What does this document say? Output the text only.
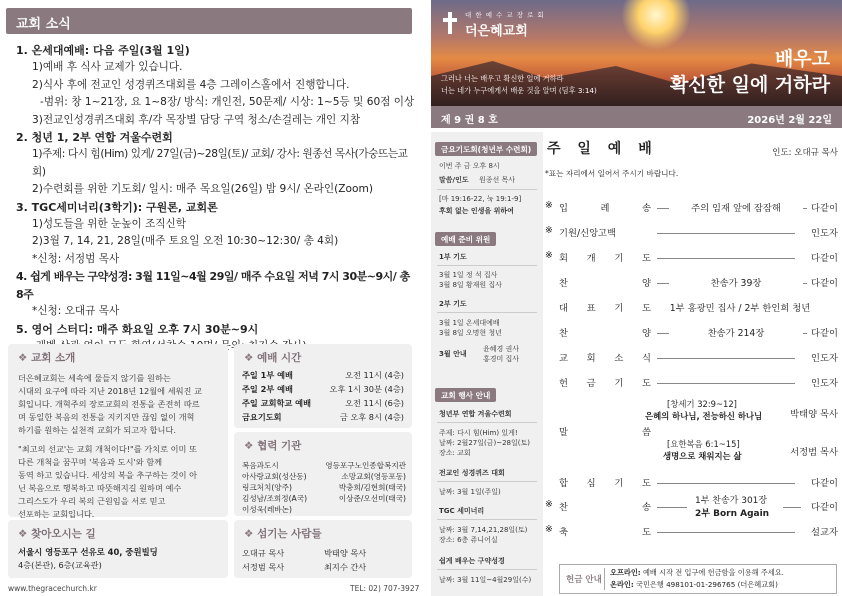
교회 소식
1. 온세대예배: 다음 주일(3월 1일)
1)예배 후 식사 교제가 있습니다.
2)식사 후에 전교인 성경퀴즈대회를 4층 그레이스홀에서 진행합니다.
-범위: 창 1~21장, 요 1~8장/ 방식: 개인전, 50문제/ 시상: 1~5등 및 60점 이상
3)전교인성경퀴즈대회 후/각 목장별 담당 구역 청소/손걸레는 개인 지참
2. 청년 1, 2부 연합 겨울수련회
1)주제: 다시 힘(Him) 있게/ 27일(금)~28일(토)/ 교회/ 강사: 원종선 목사(가숭뜨는교회)
2)수련회를 위한 기도회/ 일시: 매주 목요일(26일) 밤 9시/ 온라인(Zoom)
3. TGC세미너리(3학기): 구원론, 교회론
1)성도들을 위한 눈높이 조직신학
2)3월 7, 14, 21, 28일(매주 토요일 오전 10:30~12:30/ 총 4회)
*신청: 서정범 목사
4. 쉽게 배우는 구약성경: 3월 11일~4월 29일/ 매주 수요일 저녁 7시 30분~9시/ 총 8주
*신청: 오대규 목사
5. 영어 스터디: 매주 화요일 오후 7시 30분~9시
문의:
❖ 교회 소개
더은혜교회는 세속에 물들지 않기를 원하는
시대의 요구에 따라 지난 2018년 12월에 세워진 교
회입니다. 개혁주의 장로교회의 전통을 존전히 따르
며 동일한 복음의 전통을 지키지만 끊임 없이 개혁
하기를 원하는 실천적 교회가 되고자 합니다.
"최고의 선교'는 교회 개척이다!"를 가치로 이미 또
다른 개척을 꿈꾸며 '복음과 도시'와 함께
동역 하고 있습니다. 세상의 복을 추구하는 것이 아
닌 복음으로 행복하고 따뜻해지길 원하며 예수
그리스도가 우리 복의 근원임을 서로 믿고
선포하는 교회입니다.
❖ 찾아오시는 길
서울시 영등포구 선유로 40, 중원빌딩
4층(본관), 6층(교육관)
❖ 예배 시간
주일 1부 예배	오전 11시 (4층)
주일 2부 예배	오후 1시 30분 (4층)
주일 교회학교 예배	오전 11시 (6층)
금요기도회	금 오후 8시 (4층)
❖ 협력 기관
복음과도시	영등포구노인종합복지관
아사랑교회(성산동)	소망교회(영등포동)
링크처치(양주)	박충희/김현희(태국)
김성남/조희정(A국)	이상준/오선미(태국)
이성욱(레바논)
❖ 섬기는 사람들
오대규 목사	박태양 목사
서정범 목사	최지수 간사
www.thegracechurch.kr	TEL: 02) 707-3927
대 한 예 수 교 장 로 회
더은혜교회
배우고
확신한 일에 거하라
그러나 너는 배우고 확신한 일에 거하라
너는 네가 누구에게서 배운 것을 알며 (딤후 3:14)
제 9 권 8 호	2026년 2월 22일
금요기도회(청년부 수련회)
이번 주 금 오후 8시
말씀/인도 원종선 목사
[마 19:16-22, 눅 19:1-9]
후회 없는 인생을 위하여
예배 준비 위원
1부 기도
3월 1일 정 석 집사
3월 8일 황재원 집사
2부 기도
3월 1일 온세대예배
3월 8일 오명현 청년
3월 안내
윤혜경 권사
홍경미 집사
교회 행사 안내
청년부 연합 겨울수련회
주제: 다시 힘(Him) 있게!
날짜: 2월27일(금)~28일(토)
장소: 교회
전교인 성경퀴즈 대회
날짜: 3월 1일(주일)
TGC 세미너리
날짜: 3월 7,14,21,28일(토)
장소: 6층 쥬니어실
쉽게 배우는 구약성경
날짜: 3월 11일~4월29일(수)
주 일 예 배	인도: 오대규 목사
*표는 자리에서 일어서 주시기 바랍니다.
※ 입	례	송	주의 임재 앞에 잠잠해	다같이
※ 기원/신앙고백	인도자
※ 회 개 기 도	다같이
찬	양	찬송가 39장	다같이
대 표 기 도	1부 홍광민 집사 / 2부 한인희 청년
찬	양	찬송가 214장	다같이
교 회 소 식	인도자
헌 금 기 도	인도자
합 심 기 도	다같이
※ 축	도	설교자
말	씀
[창세기 32:9~12]
은혜의 하나님, 전능하신 하나님	박태양 목사
[요한복음 6:1~15]
생명으로 채워지는 삶	서정범 목사
※ 찬	송
1부 찬송가 301장
2부 Born Again
다같이
헌금 안내
오프라인: 예배 시작 전 입구에 헌금함을 이용해 주세요.
온라인: 국민은행 498101-01-296765 (더은혜교회)
